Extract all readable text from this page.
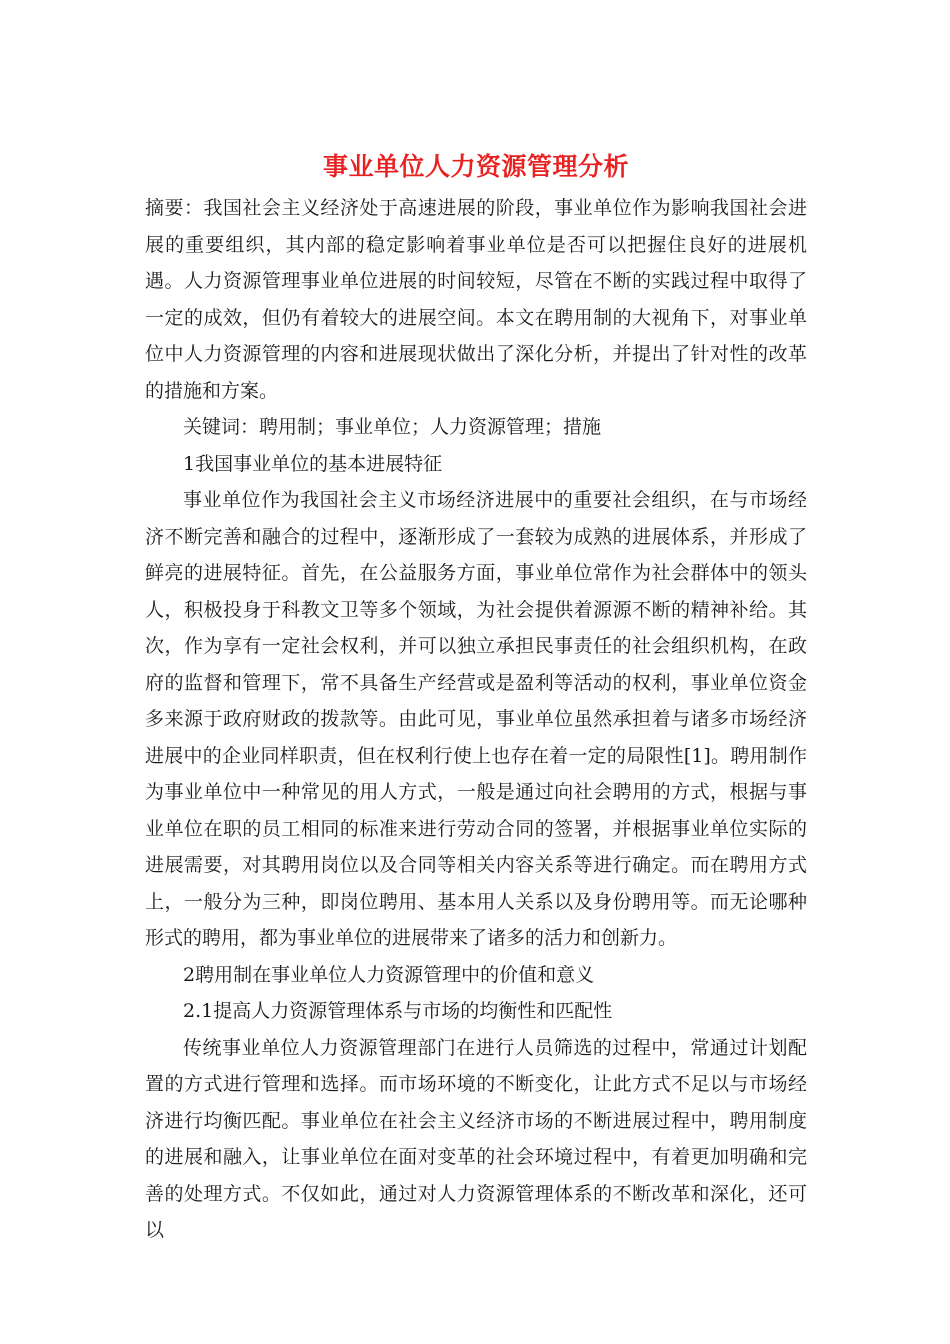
事业单位人力资源管理分析

摘要：我国社会主义经济处于高速进展的阶段，事业单位作为影响我国社会进展的重要组织，其内部的稳定影响着事业单位是否可以把握住良好的进展机遇。人力资源管理事业单位进展的时间较短，尽管在不断的实践过程中取得了一定的成效，但仍有着较大的进展空间。本文在聘用制的大视角下，对事业单位中人力资源管理的内容和进展现状做出了深化分析，并提出了针对性的改革的措施和方案。

关键词：聘用制；事业单位；人力资源管理；措施

1我国事业单位的基本进展特征

事业单位作为我国社会主义市场经济进展中的重要社会组织，在与市场经济不断完善和融合的过程中，逐渐形成了一套较为成熟的进展体系，并形成了鲜亮的进展特征。首先，在公益服务方面，事业单位常作为社会群体中的领头人，积极投身于科教文卫等多个领域，为社会提供着源源不断的精神补给。其次，作为享有一定社会权利，并可以独立承担民事责任的社会组织机构，在政府的监督和管理下，常不具备生产经营或是盈利等活动的权利，事业单位资金多来源于政府财政的拨款等。由此可见，事业单位虽然承担着与诸多市场经济进展中的企业同样职责，但在权利行使上也存在着一定的局限性[1]。聘用制作为事业单位中一种常见的用人方式，一般是通过向社会聘用的方式，根据与事业单位在职的员工相同的标准来进行劳动合同的签署，并根据事业单位实际的进展需要，对其聘用岗位以及合同等相关内容关系等进行确定。而在聘用方式上，一般分为三种，即岗位聘用、基本用人关系以及身份聘用等。而无论哪种形式的聘用，都为事业单位的进展带来了诸多的活力和创新力。

2聘用制在事业单位人力资源管理中的价值和意义

2.1提高人力资源管理体系与市场的均衡性和匹配性

传统事业单位人力资源管理部门在进行人员筛选的过程中，常通过计划配置的方式进行管理和选择。而市场环境的不断变化，让此方式不足以与市场经济进行均衡匹配。事业单位在社会主义经济市场的不断进展过程中，聘用制度的进展和融入，让事业单位在面对变革的社会环境过程中，有着更加明确和完善的处理方式。不仅如此，通过对人力资源管理体系的不断改革和深化，还可以
